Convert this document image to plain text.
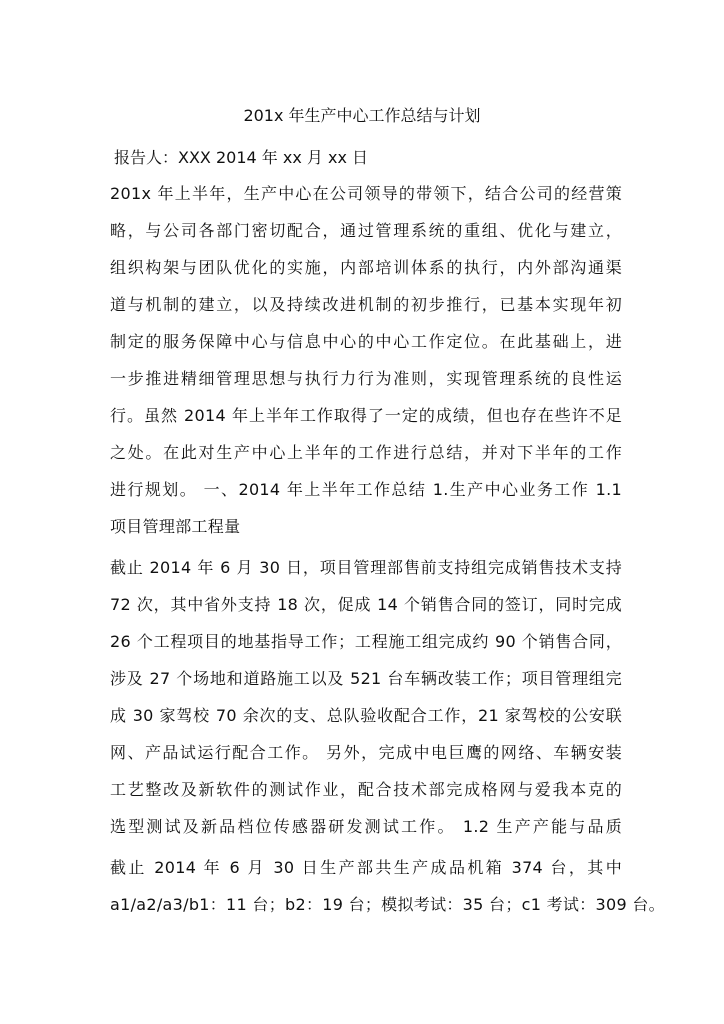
201x 年生产中心工作总结与计划
报告人：XXX 2014 年 xx 月 xx 日
201x 年上半年，生产中心在公司领导的带领下，结合公司的经营策
略，与公司各部门密切配合，通过管理系统的重组、优化与建立，
组织构架与团队优化的实施，内部培训体系的执行，内外部沟通渠
道与机制的建立，以及持续改进机制的初步推行，已基本实现年初
制定的服务保障中心与信息中心的中心工作定位。在此基础上，进
一步推进精细管理思想与执行力行为准则，实现管理系统的良性运
行。虽然 2014 年上半年工作取得了一定的成绩，但也存在些许不足
之处。在此对生产中心上半年的工作进行总结，并对下半年的工作
进行规划。 一、2014 年上半年工作总结 1.生产中心业务工作 1.1
项目管理部工程量
截止 2014 年 6 月 30 日，项目管理部售前支持组完成销售技术支持
72 次，其中省外支持 18 次，促成 14 个销售合同的签订，同时完成
26 个工程项目的地基指导工作；工程施工组完成约 90 个销售合同，
涉及 27 个场地和道路施工以及 521 台车辆改装工作；项目管理组完
成 30 家驾校 70 余次的支、总队验收配合工作，21 家驾校的公安联
网、产品试运行配合工作。 另外，完成中电巨鹰的网络、车辆安装
工艺整改及新软件的测试作业，配合技术部完成格网与爱我本克的
选型测试及新品档位传感器研发测试工作。 1.2 生产产能与品质
截止 2014 年 6 月 30 日生产部共生产成品机箱 374 台，其中
a1/a2/a3/b1：11 台；b2：19 台；模拟考试：35 台；c1 考试：309 台。
